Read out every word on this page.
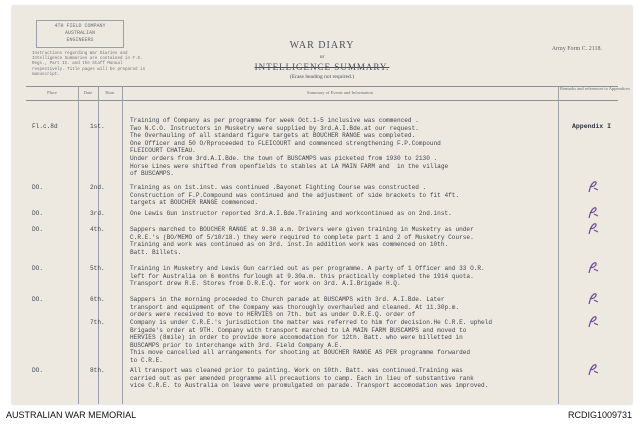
4TH FIELD COMPANY
AUSTRALIAN
ENGINEERS
Instructions regarding War Diaries and Intelligence Summaries are contained in F.S. Regs., Part II. and the Staff Manual respectively. Title pages will be prepared in manuscript.
WAR DIARY
or
INTELLIGENCE SUMMARY.
(Erase heading not required.)
Army Form C. 2118.
Place	Date	Hour	Summary of Events and Information
Remarks and references to Appendices
Fl.c.8d	1st.
Training of Company as per programme for week Oct.1-5 inclusive was commenced .
Two N.C.O. Instructors in Musketry were supplied by 3rd.A.I.Bde.at our request.
The Overhauling of all standard figure targets at BOUCHER RANGE was completed.
One Officer and 50 O/Rproceeded to FLEICOURT and commenced strengthening F.P.Compound
FLEICOURT CHATEAU.
Under orders from 3rd.A.I.Bde. the town of BUSCAMPS was picketed from 1930 to 2130 .
Horse Lines were shifted from openfields to stables at LA MAIN FARM and  in the village
of BUSCAMPS.
Appendix I
DO.	2nd.	Training as on 1st.inst. was continued .Bayonet Fighting Course was constructed .
Construction of F.P.Compound was continued and the adjustment of side brackets to fit 4ft.
targets at BOUCHER RANGE commenced.
DO.	3rd.	One Lewis Gun instructor reported 3rd.A.I.Bde.Training and workcontinued as on 2nd.inst.
DO.	4th.	Sappers marched to BOUCHER RANGE at 9.30 a.m. Drivers were given training in Musketry as under
C.R.E.'s (BO/MEMO of 5/10/18.) they were required to complete part 1 and 2 of Musketry Course.
Training and work was continued as on 3rd. inst.In addition work was commenced on 10th.
Batt. Billets.
DO.	5th.	Training in Musketry and Lewis Gun carried out as per programme. A party of 1 Officer and 33 O.R.
left for Australia on 6 months furlough at 9.30a.m. this practically completed the 1914 quota.
Transport drew R.E. Stores from D.R.E.Q. for work on 3rd. A.I.Brigade H.Q.
DO.	6th.	Sappers in the morning proceeded to Church parade at BUSCAMPS with 3rd. A.I.Bde. Later
transport and equipment of the Company was thoroughly overhauled and cleaned. At 11.30p.m.
orders were received to move to HERVIES on 7th. but as under D.R.E.Q. order of
7th.	Company is under C.R.E.'s jurisdiction the matter was referred to him for decision.He C.R.E. upheld
Brigade's order at 9TH. Company with transport marched to LA MAIN FARM BUSCAMPS and moved to
HERVIES (8mile) in order to provide more accomodation for 12th. Batt. who were billetted in
BUSCAMPS prior to interchange with 3rd. Field Company A.E.
This move cancelled all arrangements for shooting at BOUCHER RANGE AS PER programme forwarded
to C.R.E.
DO.	8th.	All transport was cleaned prior to painting. Work on 10th. Batt. was continued.Training was
carried out as per amended programme all precautions to camp. Each in lieu of substantive rank
vice C.R.E. to Australia on leave were promulgated on parade. Transport accomodation was improved.
AUSTRALIAN WAR MEMORIAL	RCDIG1009731
